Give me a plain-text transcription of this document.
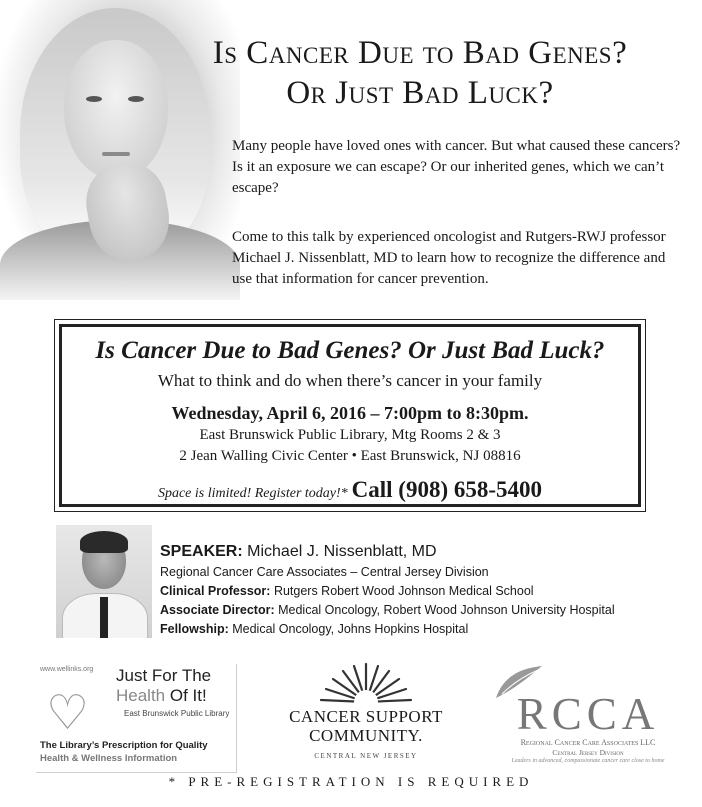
Is Cancer Due to Bad Genes?
Or Just Bad Luck?
Many people have loved ones with cancer. But what caused these cancers? Is it an exposure we can escape? Or our inherited genes, which we can’t escape?
Come to this talk by experienced oncologist and Rutgers-RWJ professor Michael J. Nissenblatt, MD to learn how to recognize the difference and use that information for cancer prevention.
Is Cancer Due to Bad Genes? Or Just Bad Luck?
What to think and do when there’s cancer in your family
Wednesday, April 6, 2016 – 7:00pm to 8:30pm.
East Brunswick Public Library, Mtg Rooms 2 & 3
2 Jean Walling Civic Center • East Brunswick, NJ 08816
Space is limited! Register today!* Call (908) 658-5400
SPEAKER: Michael J. Nissenblatt, MD
Regional Cancer Care Associates – Central Jersey Division
Clinical Professor: Rutgers Robert Wood Johnson Medical School
Associate Director: Medical Oncology, Robert Wood Johnson University Hospital
Fellowship: Medical Oncology, Johns Hopkins Hospital
www.wellinks.org
♡
Just For The
Health Of It!
East Brunswick Public Library
The Library’s Prescription for Quality
Health & Wellness Information
CANCER SUPPORT
COMMUNITY.
CENTRAL NEW JERSEY
RCCA
Regional Cancer Care Associates LLC
Central Jersey Division
Leaders in advanced, compassionate cancer care close to home
* PRE-REGISTRATION IS REQUIRED
